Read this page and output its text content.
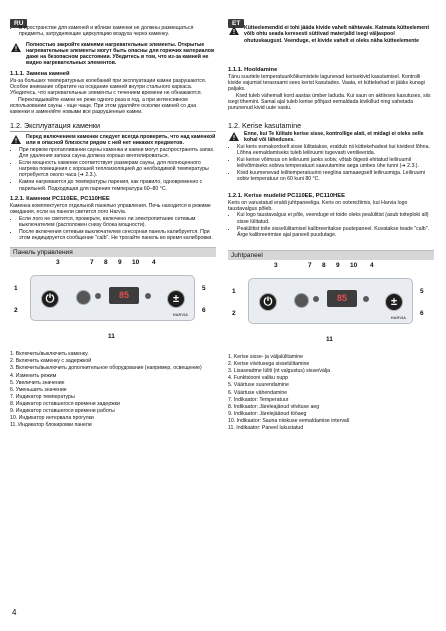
RU
• В пространстве для каменей и вблизи каменки не должны размещаться предметы, затрудняющие циркуляцию воздуха через каменку.

Полностью закройте камнями нагревательные элементы. Открытые нагревательные элементы могут быть опасны для горючих материалов даже на безопасном расстоянии. Убедитесь в том, что из-за камней не видно нагревательных элементов.

1.1.1. Замена камней

Из-за больших температурных колебаний при эксплуатации камни разрушаются. Особое внимание обратите на оседание камней внутри стального каркаса. Убедитесь, что нагревательные элементы с течением времени не обнажаются.

Перекладывайте камни не реже одного раза в год, а при интенсивном использовании сауны - еще чаще. При этом удаляйте осколки камней со дна каменки и заменяйте новыми все разрушенные камни.

1.2. Эксплуатация каменки

Перед включением каменки следует всегда проверять, что над каменкой или в опасной близости рядом с ней нет никаких предметов.

• При первом протапливании сауны каменка и камни могут распространять запах. Для удаления запаха сауна должна хорошо вентилироваться.
• Если мощность каменки соответствует размерам сауны, для полноценного нагрева помещения с хорошей теплоизоляцией до необходимой температуры потребуется около часа (➔ 2.3.).
• Камни нагреваются до температуры парения, как правило, одновременно с парильней. Подходящая для парения температура 60–80 °C.
1.2.1. Каменки PC110EE, PC110HEE

Каменка комплектуется отдельной панелью управления. Печь находится в режиме ожидания, если на панели светится лого Harvia.

• Если лого не светится, проверьте, включено ли электропитание сетевым выключателем (расположен снизу блока мощности).
• После включения сетевым выключателем сенсорная панель калибруется. При этом индицируется сообщение "calb". Не трогайте панель во время калибровки.
Панель управления
3	7 8 9 10 4
1
2
5
6
11
⏻	85	±
HARVIA
1. Включить/выключить каменку.
2. Включить каменку с задержкой
3. Включить/выключить дополнительное оборудование (например, освещение)
4. Изменить режим
5. Увеличить значение
6. Уменьшить значение
7. Индикатор температуры
8. Индикатор оставшегося времени задержки
9. Индикатор оставшегося времени работы
10. Индикатор интервала прогулки
11. Индикатор блокировки панели
ET

Kütteelemendid ei tohi jääda kivide vahelt nähtavale. Katmata kütteelement võib ohtu seada keresesti süttivad materjalid isegi väljaspool ohutuskaugust. Veenduge, et kivide vahelt ei oleks näha kütteelemente

1.1.1. Hooldamine

Tänu suurtele temperatuurikõikumistele lagunevad kerisekivid kasutamisel. Kontrolli kivide vajumist terasraami sees kerist kasutades. Vaata, et küttekehad ei jääks kunagi paljaks.

Kivid tuleb vähemalt kord aastas ümber laduda. Kui saun on aktiivses kasutuses, siis isegi tihemini. Samal ajal tuleb kerise põhjast eemaldada kivikillud ning vahetada purunenud kivid uute vastu.

1.2. Kerise kasutamine

Enne, kui Te lülitate kerise sisse, kontrollige alati, et midagi ei oleks selle kohal või läheduses.

• Kui keris esmakordselt sisse lülitatakse, eraldub nii küttekehadest kui kividest lõhna. Lõhna eemaldamiseks tuleb leiliruumi tugevasti ventileerida.
• Kui kerise võimsus on leiliruumi jaoks sobiv, võtab õigesti ehitatud leiliruumil leilivõtmiseks sobiva temperatuuri saavutamine aega umbes ühe tunni (➔ 2.3.).
• Kivid kuumenevad leilitemperatuurini reeglina samaaegselt leiliruumiga. Leiliruumi sobiv temperatuur on 60 kuni 80 °C.
1.2.1. Kerise mudelid PC110EE, PC110HEE

Keris on varustatud eraldi juhtpaneeliga. Keris on ooterežiimis, kui Harvia logo taustavalgus põleb.

• Kui logo taustavalgus ei põle, veenduge et toide oleks pealülitist (asub toiteploki all) sisse lülitatud.
• Pealülitist toite sisselülitamisel kalibreeritakse puutepaneel. Kuvatakse teade "calb". Ärge kalibreerimise ajal paneeli puudutage.
Juhtpaneel
3	7 8 9 10 4
1
2
5
6
11
⏻	85	±
HARVIA
1. Kerise sisse- ja väljalülitamine
2. Kerise viivitusega sisselülitamine
3. Lisaseadme lüliti (nt valgustus) sisse/välja
4. Funktsiooni valiku nupp
5. Väärtuse suurendamine
6. Väärtuse vähendamine
7. Indikaator: Temperatuur
8. Indikaator: Järeleajänud viivituse aeg
9. Indikaator: Järelejäänud tööaeg
10. Indikaator: Sauna niiskuse eemaldamise intervall
11. Indikaator: Paneel lukustatud
4
